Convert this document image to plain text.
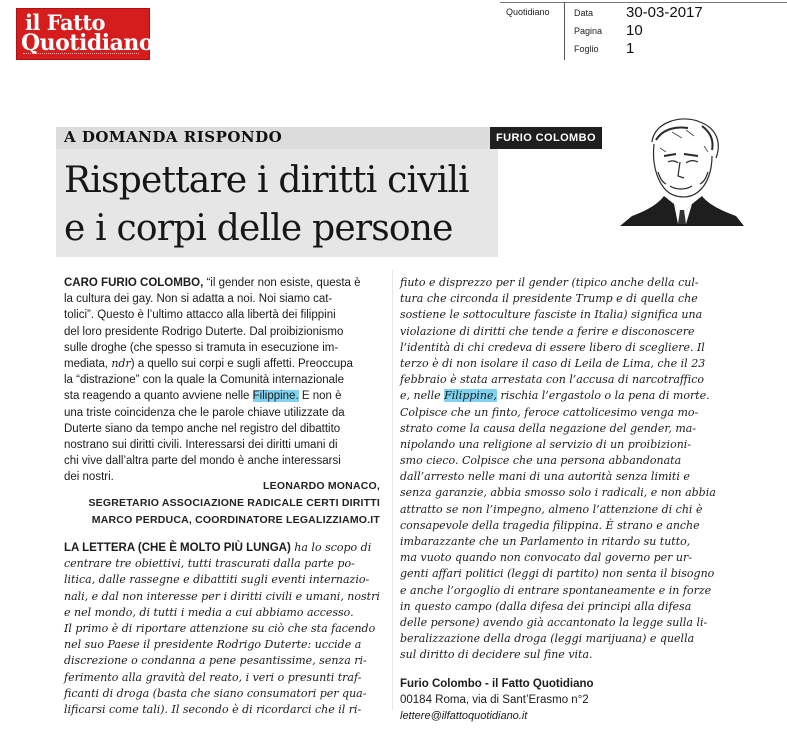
il Fatto
Quotidiano
Quotidiano	Data 30-03-2017
Pagina 10
Foglio 1
A DOMANDA RISPONDO	FURIO COLOMBO
Rispettare i diritti civili
e i corpi delle persone
CARO FURIO COLOMBO, “il gender non esiste, questa è
la cultura dei gay. Non si adatta a noi. Noi siamo cat-
tolici”. Questo è l’ultimo attacco alla libertà dei filippini
del loro presidente Rodrigo Duterte. Dal proibizionismo
sulle droghe (che spesso si tramuta in esecuzione im-
mediata, ndr) a quello sui corpi e sugli affetti. Preoccupa
la “distrazione” con la quale la Comunità internazionale
sta reagendo a quanto avviene nelle Filippine. E non è
una triste coincidenza che le parole chiave utilizzate da
Duterte siano da tempo anche nel registro del dibattito
nostrano sui diritti civili. Interessarsi dei diritti umani di
chi vive dall’altra parte del mondo è anche interessarsi
dei nostri.
LEONARDO MONACO,
SEGRETARIO ASSOCIAZIONE RADICALE CERTI DIRITTI
MARCO PERDUCA, COORDINATORE LEGALIZZIAMO.IT
LA LETTERA (CHE È MOLTO PIÙ LUNGA) ha lo scopo di
centrare tre obiettivi, tutti trascurati dalla parte po-
litica, dalle rassegne e dibattiti sugli eventi internazio-
nali, e dal non interesse per i diritti civili e umani, nostri
e nel mondo, di tutti i media a cui abbiamo accesso.
Il primo è di riportare attenzione su ciò che sta facendo
nel suo Paese il presidente Rodrigo Duterte: uccide a
discrezione o condanna a pene pesantissime, senza ri-
ferimento alla gravità del reato, i veri o presunti traf-
ficanti di droga (basta che siano consumatori per qua-
lificarsi come tali). Il secondo è di ricordarci che il ri-
fiuto e disprezzo per il gender (tipico anche della cul-
tura che circonda il presidente Trump e di quella che
sostiene le sottoculture fasciste in Italia) significa una
violazione di diritti che tende a ferire e disconoscere
l’identità di chi credeva di essere libero di scegliere. Il
terzo è di non isolare il caso di Leila de Lima, che il 23
febbraio è stata arrestata con l’accusa di narcotraffico
e, nelle Filippine, rischia l’ergastolo o la pena di morte.
Colpisce che un finto, feroce cattolicesimo venga mo-
strato come la causa della negazione del gender, ma-
nipolando una religione al servizio di un proibizioni-
smo cieco. Colpisce che una persona abbandonata
dall’arresto nelle mani di una autorità senza limiti e
senza garanzie, abbia smosso solo i radicali, e non abbia
attratto se non l’impegno, almeno l’attenzione di chi è
consapevole della tragedia filippina. È strano e anche
imbarazzante che un Parlamento in ritardo su tutto,
ma vuoto quando non convocato dal governo per ur-
genti affari politici (leggi di partito) non senta il bisogno
e anche l’orgoglio di entrare spontaneamente e in forze
in questo campo (dalla difesa dei principi alla difesa
delle persone) avendo già accantonato la legge sulla li-
beralizzazione della droga (leggi marijuana) e quella
sul diritto di decidere sul fine vita.
Furio Colombo - il Fatto Quotidiano
00184 Roma, via di Sant’Erasmo n°2
lettere@ilfattoquotidiano.it
